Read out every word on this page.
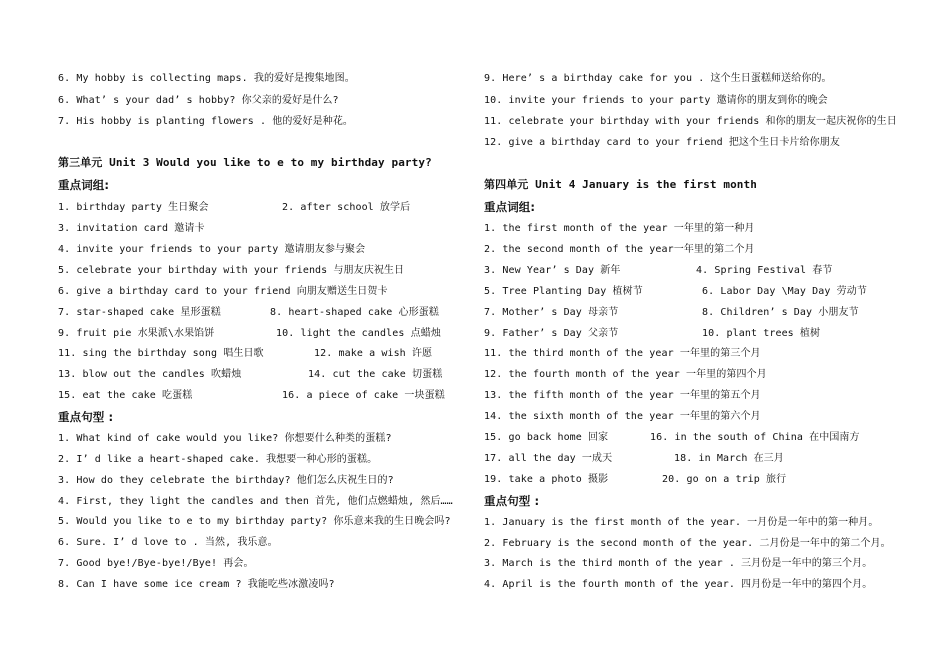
6. My hobby is collecting maps. 我的爱好是搜集地图。
6. What’ s your dad’ s hobby? 你父亲的爱好是什么?
7. His hobby is planting flowers . 他的爱好是种花。
第三单元 Unit 3 Would you like to e to my birthday party?
重点词组:
1. birthday party 生日聚会	2. after school 放学后
3. invitation card 邀请卡
4. invite your friends to your party 邀请朋友参与聚会
5. celebrate your birthday with your friends 与朋友庆祝生日
6. give a birthday card to your friend 向朋友赠送生日贺卡
7. star-shaped cake 星形蛋糕	8. heart-shaped cake 心形蛋糕
9. fruit pie 水果派\水果馅饼	10. light the candles 点蜡烛
11. sing the birthday song 唱生日歌	12. make a wish 许愿
13. blow out the candles 吹蜡烛	14. cut the cake 切蛋糕
15. eat the cake 吃蛋糕	16. a piece of cake 一块蛋糕
重点句型 :
1. What kind of cake would you like? 你想要什么种类的蛋糕?
2. I’ d like a heart-shaped cake. 我想要一种心形的蛋糕。
3. How do they celebrate the birthday? 他们怎么庆祝生日的?
4. First, they light the candles and then 首先, 他们点燃蜡烛, 然后……
5. Would you like to e to my birthday party? 你乐意来我的生日晚会吗?
6. Sure. I’ d love to . 当然, 我乐意。
7. Good bye!/Bye-bye!/Bye! 再会。
8. Can I have some ice cream ? 我能吃些冰激凌吗?
9. Here’ s a birthday cake for you . 这个生日蛋糕师送给你的。
10. invite your friends to your party 邀请你的朋友到你的晚会
11. celebrate your birthday with your friends 和你的朋友一起庆祝你的生日
12. give a birthday card to your friend 把这个生日卡片给你朋友
第四单元 Unit 4 January is the first month
重点词组:
1. the first month of the year 一年里的第一种月
2. the second month of the year一年里的第二个月
3. New Year’ s Day 新年	4. Spring Festival 春节
5. Tree Planting Day 植树节	6. Labor Day \May Day 劳动节
7. Mother’ s Day 母亲节	8. Children’ s Day 小朋友节
9. Father’ s Day 父亲节	10. plant trees 植树
11. the third month of the year 一年里的第三个月
12. the fourth month of the year 一年里的第四个月
13. the fifth month of the year 一年里的第五个月
14. the sixth month of the year 一年里的第六个月
15. go back home 回家	16. in the south of China 在中国南方
17. all the day 一成天	18. in March 在三月
19. take a photo 摄影	20. go on a trip 旅行
重点句型 :
1. January is the first month of the year. 一月份是一年中的第一种月。
2. February is the second month of the year. 二月份是一年中的第二个月。
3. March is the third month of the year . 三月份是一年中的第三个月。
4. April is the fourth month of the year. 四月份是一年中的第四个月。
